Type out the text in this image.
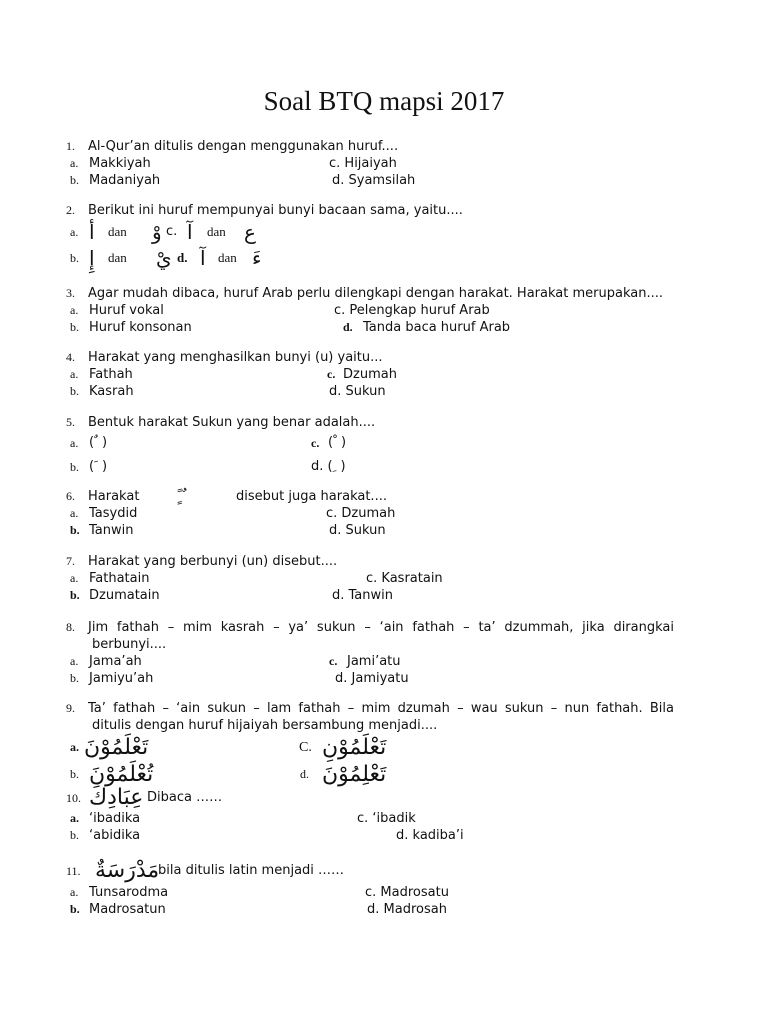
Soal BTQ mapsi 2017
1. Al-Qur’an ditulis dengan menggunakan huruf....
a. Makkiyah	c. Hijaiyah
b. Madaniyah	d. Syamsilah
2. Berikut ini huruf mempunyai bunyi bacaan sama, yaitu....
a. أ dan وْ c. آ dan ع
b. إِ dan يْ d. آ dan ءَ
3. Agar mudah dibaca, huruf Arab perlu dilengkapi dengan harakat. Harakat merupakan....
a. Huruf vokal	c. Pelengkap huruf Arab
b. Huruf konsonan	d. Tanda baca huruf Arab
4. Harakat yang menghasilkan bunyi (u) yaitu...
a. Fathah	c. Dzumah
b. Kasrah	d. Sukun
5. Bentuk harakat Sukun yang benar adalah....
a. ( ٌ )	c. ( ْ )
b. ( َ )	d. ( ِ )
6. Harakat ً ٍ ٌ	disebut juga harakat....
a. Tasydid	c. Dzumah
b. Tanwin	d. Sukun
7. Harakat yang berbunyi (un) disebut....
a. Fathatain	c. Kasratain
b. Dzumatain	d. Tanwin
8. Jim fathah – mim kasrah – ya’ sukun – ‘ain fathah – ta’ dzummah, jika dirangkai
berbunyi....
a. Jama’ah	c. Jami’atu
b. Jamiyu’ah	d. Jamiyatu
9. Ta’ fathah – ‘ain sukun – lam fathah – mim dzumah – wau sukun – nun fathah. Bila
ditulis dengan huruf hijaiyah bersambung menjadi....
a. تَعْلَمُوْنَ	C. تَعْلَمُوْنِ
b. تُعْلَمُوْنَ	d. تَعْلِمُوْنَ
10. عِبَادِكَ Dibaca ……
a. ‘ibadika	c. ‘ibadik
b. ‘abidika	d. kadiba’i
11. مَدْرَسَةٌ
bila ditulis latin menjadi ……
a. Tunsarodma	c. Madrosatu
b. Madrosatun	d. Madrosah
